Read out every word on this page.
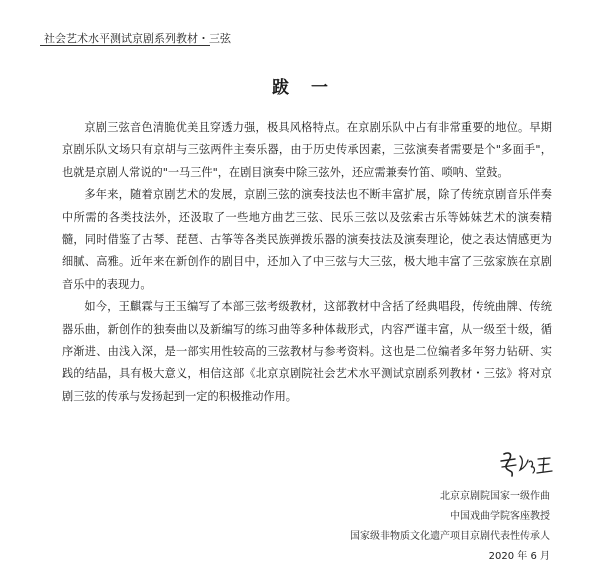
社会艺术水平测试京剧系列教材・三弦
跋一

京剧三弦音色清脆优美且穿透力强，极具风格特点。在京剧乐队中占有非常重要的地位。早期京剧乐队文场只有京胡与三弦两件主奏乐器，由于历史传承因素，三弦演奏者需要是个"多面手"，也就是京剧人常说的"一马三件"，在剧目演奏中除三弦外，还应需兼奏竹笛、唢呐、堂鼓。

多年来，随着京剧艺术的发展，京剧三弦的演奏技法也不断丰富扩展，除了传统京剧音乐伴奏中所需的各类技法外，还汲取了一些地方曲艺三弦、民乐三弦以及弦索古乐等姊妹艺术的演奏精髓，同时借鉴了古琴、琵琶、古筝等各类民族弹拨乐器的演奏技法及演奏理论，使之表达情感更为细腻、高雅。近年来在新创作的剧目中，还加入了中三弦与大三弦，极大地丰富了三弦家族在京剧音乐中的表现力。

如今，王麒霖与王玉编写了本部三弦考级教材，这部教材中含括了经典唱段，传统曲牌、传统器乐曲，新创作的独奏曲以及新编写的练习曲等多种体裁形式，内容严谨丰富，从一级至十级，循序渐进、由浅入深，是一部实用性较高的三弦教材与参考资料。这也是二位编者多年努力钻研、实践的结晶，具有极大意义，相信这部《北京京剧院社会艺术水平测试京剧系列教材・三弦》将对京剧三弦的传承与发扬起到一定的积极推动作用。

北京京剧院国家一级作曲
中国戏曲学院客座教授
国家级非物质文化遗产项目京剧代表性传承人
2020 年 6 月
